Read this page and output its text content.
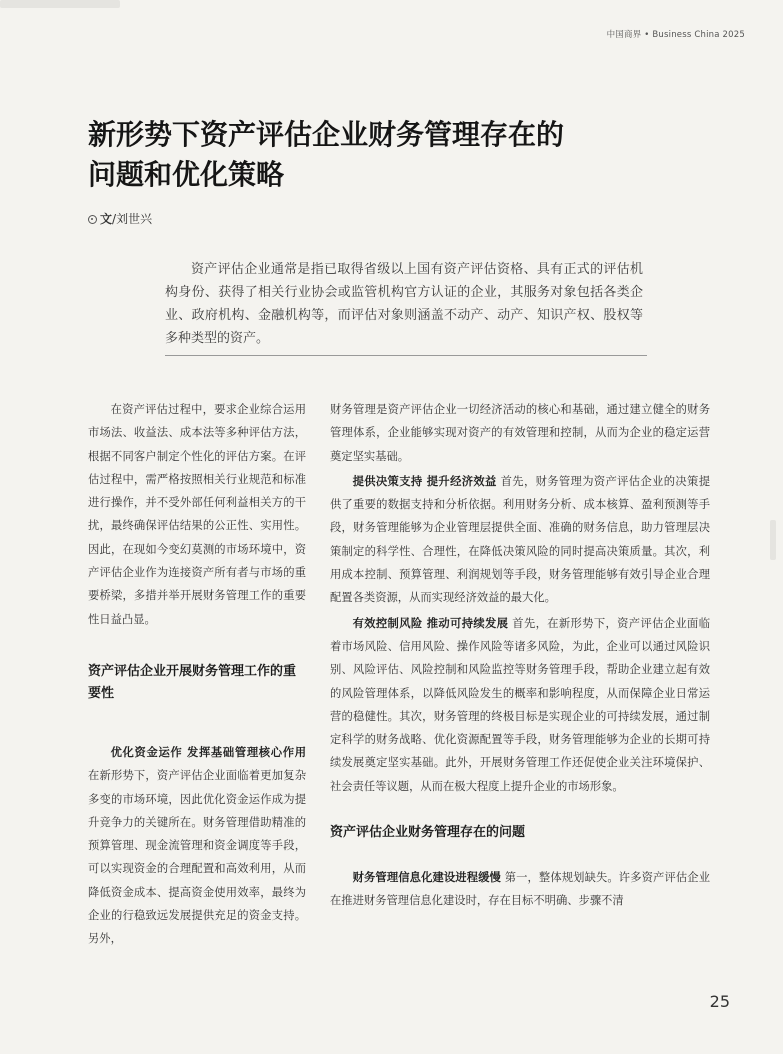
中国商界 • Business China 2025
新形势下资产评估企业财务管理存在的
问题和优化策略
文/刘世兴

资产评估企业通常是指已取得省级以上国有资产评估资格、具有正式的评估机构身份、获得了相关行业协会或监管机构官方认证的企业，其服务对象包括各类企业、政府机构、金融机构等，而评估对象则涵盖不动产、动产、知识产权、股权等多种类型的资产。

在资产评估过程中，要求企业综合运用市场法、收益法、成本法等多种评估方法，根据不同客户制定个性化的评估方案。在评估过程中，需严格按照相关行业规范和标准进行操作，并不受外部任何利益相关方的干扰，最终确保评估结果的公正性、实用性。因此，在现如今变幻莫测的市场环境中，资产评估企业作为连接资产所有者与市场的重要桥梁，多措并举开展财务管理工作的重要性日益凸显。

资产评估企业开展财务管理工作的重要性

优化资金运作 发挥基础管理核心作用 在新形势下，资产评估企业面临着更加复杂多变的市场环境，因此优化资金运作成为提升竞争力的关键所在。财务管理借助精准的预算管理、现金流管理和资金调度等手段，可以实现资金的合理配置和高效利用，从而降低资金成本、提高资金使用效率，最终为企业的行稳致远发展提供充足的资金支持。另外，

财务管理是资产评估企业一切经济活动的核心和基础，通过建立健全的财务管理体系，企业能够实现对资产的有效管理和控制，从而为企业的稳定运营奠定坚实基础。

提供决策支持 提升经济效益 首先，财务管理为资产评估企业的决策提供了重要的数据支持和分析依据。利用财务分析、成本核算、盈利预测等手段，财务管理能够为企业管理层提供全面、准确的财务信息，助力管理层决策制定的科学性、合理性，在降低决策风险的同时提高决策质量。其次，利用成本控制、预算管理、利润规划等手段，财务管理能够有效引导企业合理配置各类资源，从而实现经济效益的最大化。

有效控制风险 推动可持续发展 首先，在新形势下，资产评估企业面临着市场风险、信用风险、操作风险等诸多风险，为此，企业可以通过风险识别、风险评估、风险控制和风险监控等财务管理手段，帮助企业建立起有效的风险管理体系，以降低风险发生的概率和影响程度，从而保障企业日常运营的稳健性。其次，财务管理的终极目标是实现企业的可持续发展，通过制定科学的财务战略、优化资源配置等手段，财务管理能够为企业的长期可持续发展奠定坚实基础。此外，开展财务管理工作还促使企业关注环境保护、社会责任等议题，从而在极大程度上提升企业的市场形象。

资产评估企业财务管理存在的问题

财务管理信息化建设进程缓慢 第一，整体规划缺失。许多资产评估企业在推进财务管理信息化建设时，存在目标不明确、步骤不清

25
